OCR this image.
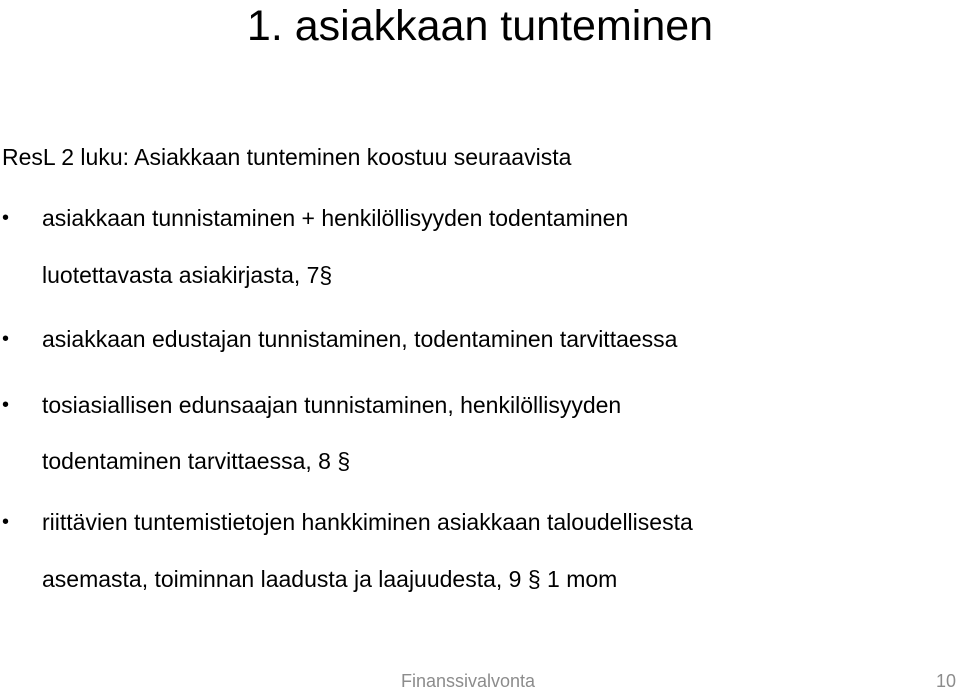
1. asiakkaan tunteminen
ResL 2 luku: Asiakkaan tunteminen koostuu seuraavista
• asiakkaan tunnistaminen + henkilöllisyyden todentaminen
luotettavasta asiakirjasta, 7§
• asiakkaan edustajan tunnistaminen, todentaminen tarvittaessa
• tosiasiallisen edunsaajan tunnistaminen, henkilöllisyyden
todentaminen tarvittaessa, 8 §
• riittävien tuntemistietojen hankkiminen asiakkaan taloudellisesta
asemasta, toiminnan laadusta ja laajuudesta, 9 § 1 mom
Finanssivalvonta	10
